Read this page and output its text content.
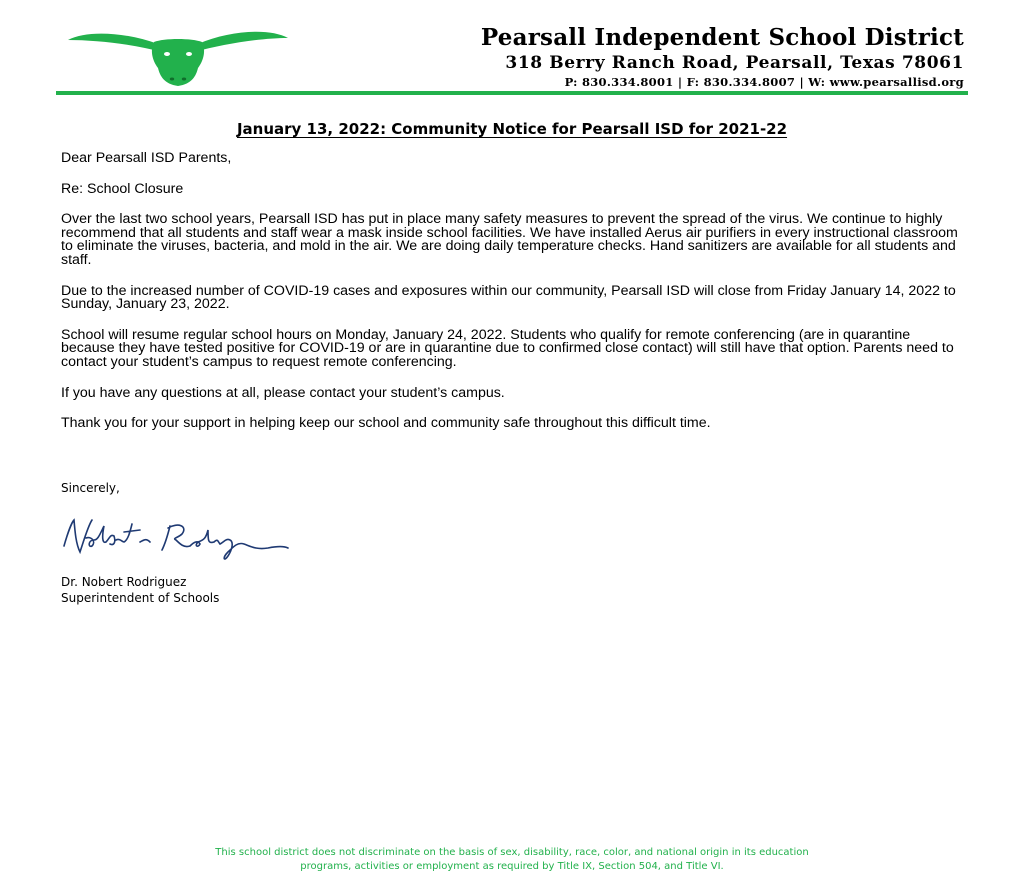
Pearsall Independent School District
318 Berry Ranch Road, Pearsall, Texas 78061
P: 830.334.8001 | F: 830.334.8007 | W: www.pearsallisd.org
January 13, 2022: Community Notice for Pearsall ISD for 2021-22

Dear Pearsall ISD Parents,

Re: School Closure

Over the last two school years, Pearsall ISD has put in place many safety measures to prevent the spread of the virus. We continue to highly recommend that all students and staff wear a mask inside school facilities. We have installed Aerus air purifiers in every instructional classroom to eliminate the viruses, bacteria, and mold in the air. We are doing daily temperature checks. Hand sanitizers are available for all students and staff.

Due to the increased number of COVID-19 cases and exposures within our community, Pearsall ISD will close from Friday January 14, 2022 to Sunday, January 23, 2022.

School will resume regular school hours on Monday, January 24, 2022. Students who qualify for remote conferencing (are in quarantine because they have tested positive for COVID-19 or are in quarantine due to confirmed close contact) will still have that option. Parents need to contact your student’s campus to request remote conferencing.

If you have any questions at all, please contact your student’s campus.

Thank you for your support in helping keep our school and community safe throughout this difficult time.

Sincerely,
Dr. Nobert Rodriguez
Superintendent of Schools
This school district does not discriminate on the basis of sex, disability, race, color, and national origin in its education
programs, activities or employment as required by Title IX, Section 504, and Title VI.
